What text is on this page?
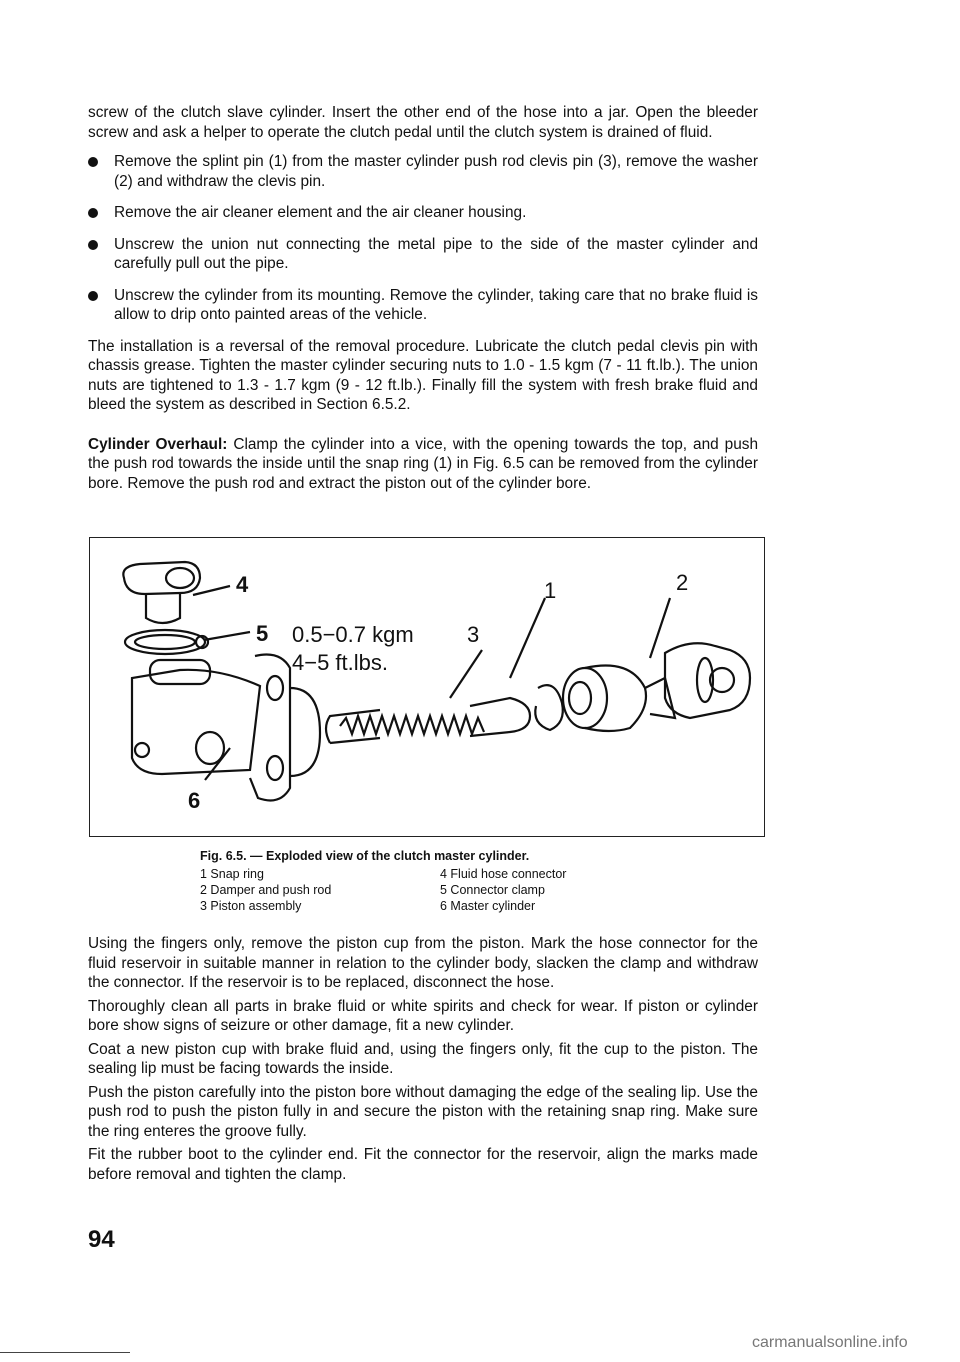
screw of the clutch slave cylinder. Insert the other end of the hose into a jar. Open the bleeder screw and ask a helper to operate the clutch pedal until the clutch system is drained of fluid.

Remove the splint pin (1) from the master cylinder push rod clevis pin (3), remove the washer (2) and withdraw the clevis pin.
Remove the air cleaner element and the air cleaner housing.
Unscrew the union nut connecting the metal pipe to the side of the master cylinder and carefully pull out the pipe.
Unscrew the cylinder from its mounting. Remove the cylinder, taking care that no brake fluid is allow to drip onto painted areas of the vehicle.

The installation is a reversal of the removal procedure. Lubricate the clutch pedal clevis pin with chassis grease. Tighten the master cylinder securing nuts to 1.0 - 1.5 kgm (7 - 11 ft.lb.). The union nuts are tightened to 1.3 - 1.7 kgm (9 - 12 ft.lb.). Finally fill the system with fresh brake fluid and bleed the system as described in Section 6.5.2.

Cylinder Overhaul: Clamp the cylinder into a vice, with the opening towards the top, and push the push rod towards the inside until the snap ring (1) in Fig. 6.5 can be removed from the cylinder bore. Remove the push rod and extract the piston out of the cylinder bore.

4
5
6
1	2
3
0.5−0.7 kgm
4−5 ft.lbs.
Fig. 6.5. — Exploded view of the clutch master cylinder.
1 Snap ring	4 Fluid hose connector
2 Damper and push rod	5 Connector clamp
3 Piston assembly	6 Master cylinder

Using the fingers only, remove the piston cup from the piston. Mark the hose connector for the fluid reservoir in suitable manner in relation to the cylinder body, slacken the clamp and withdraw the connector. If the reservoir is to be replaced, disconnect the hose.

Thoroughly clean all parts in brake fluid or white spirits and check for wear. If piston or cylinder bore show signs of seizure or other damage, fit a new cylinder.

Coat a new piston cup with brake fluid and, using the fingers only, fit the cup to the piston. The sealing lip must be facing towards the inside.

Push the piston carefully into the piston bore without damaging the edge of the sealing lip. Use the push rod to push the piston fully in and secure the piston with the retaining snap ring. Make sure the ring enteres the groove fully.

Fit the rubber boot to the cylinder end. Fit the connector for the reservoir, align the marks made before removal and tighten the clamp.

94
carmanualsonline.info
